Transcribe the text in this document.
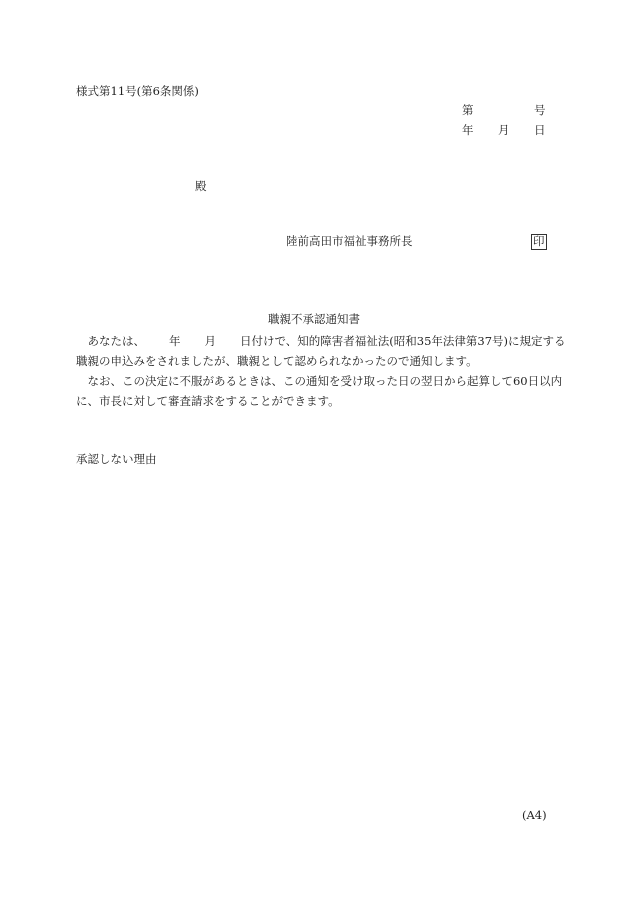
様式第11号(第6条関係)
第	号
年 月 日
殿
陸前高田市福祉事務所長	印
職親不承認通知書

あなたは、 年 月 日付けで、知的障害者福祉法(昭和35年法律第37号)に規定する職親の申込みをされましたが、職親として認められなかったので通知します。

なお、この決定に不服があるときは、この通知を受け取った日の翌日から起算して60日以内に、市長に対して審査請求をすることができます。

承認しない理由
(A4)
